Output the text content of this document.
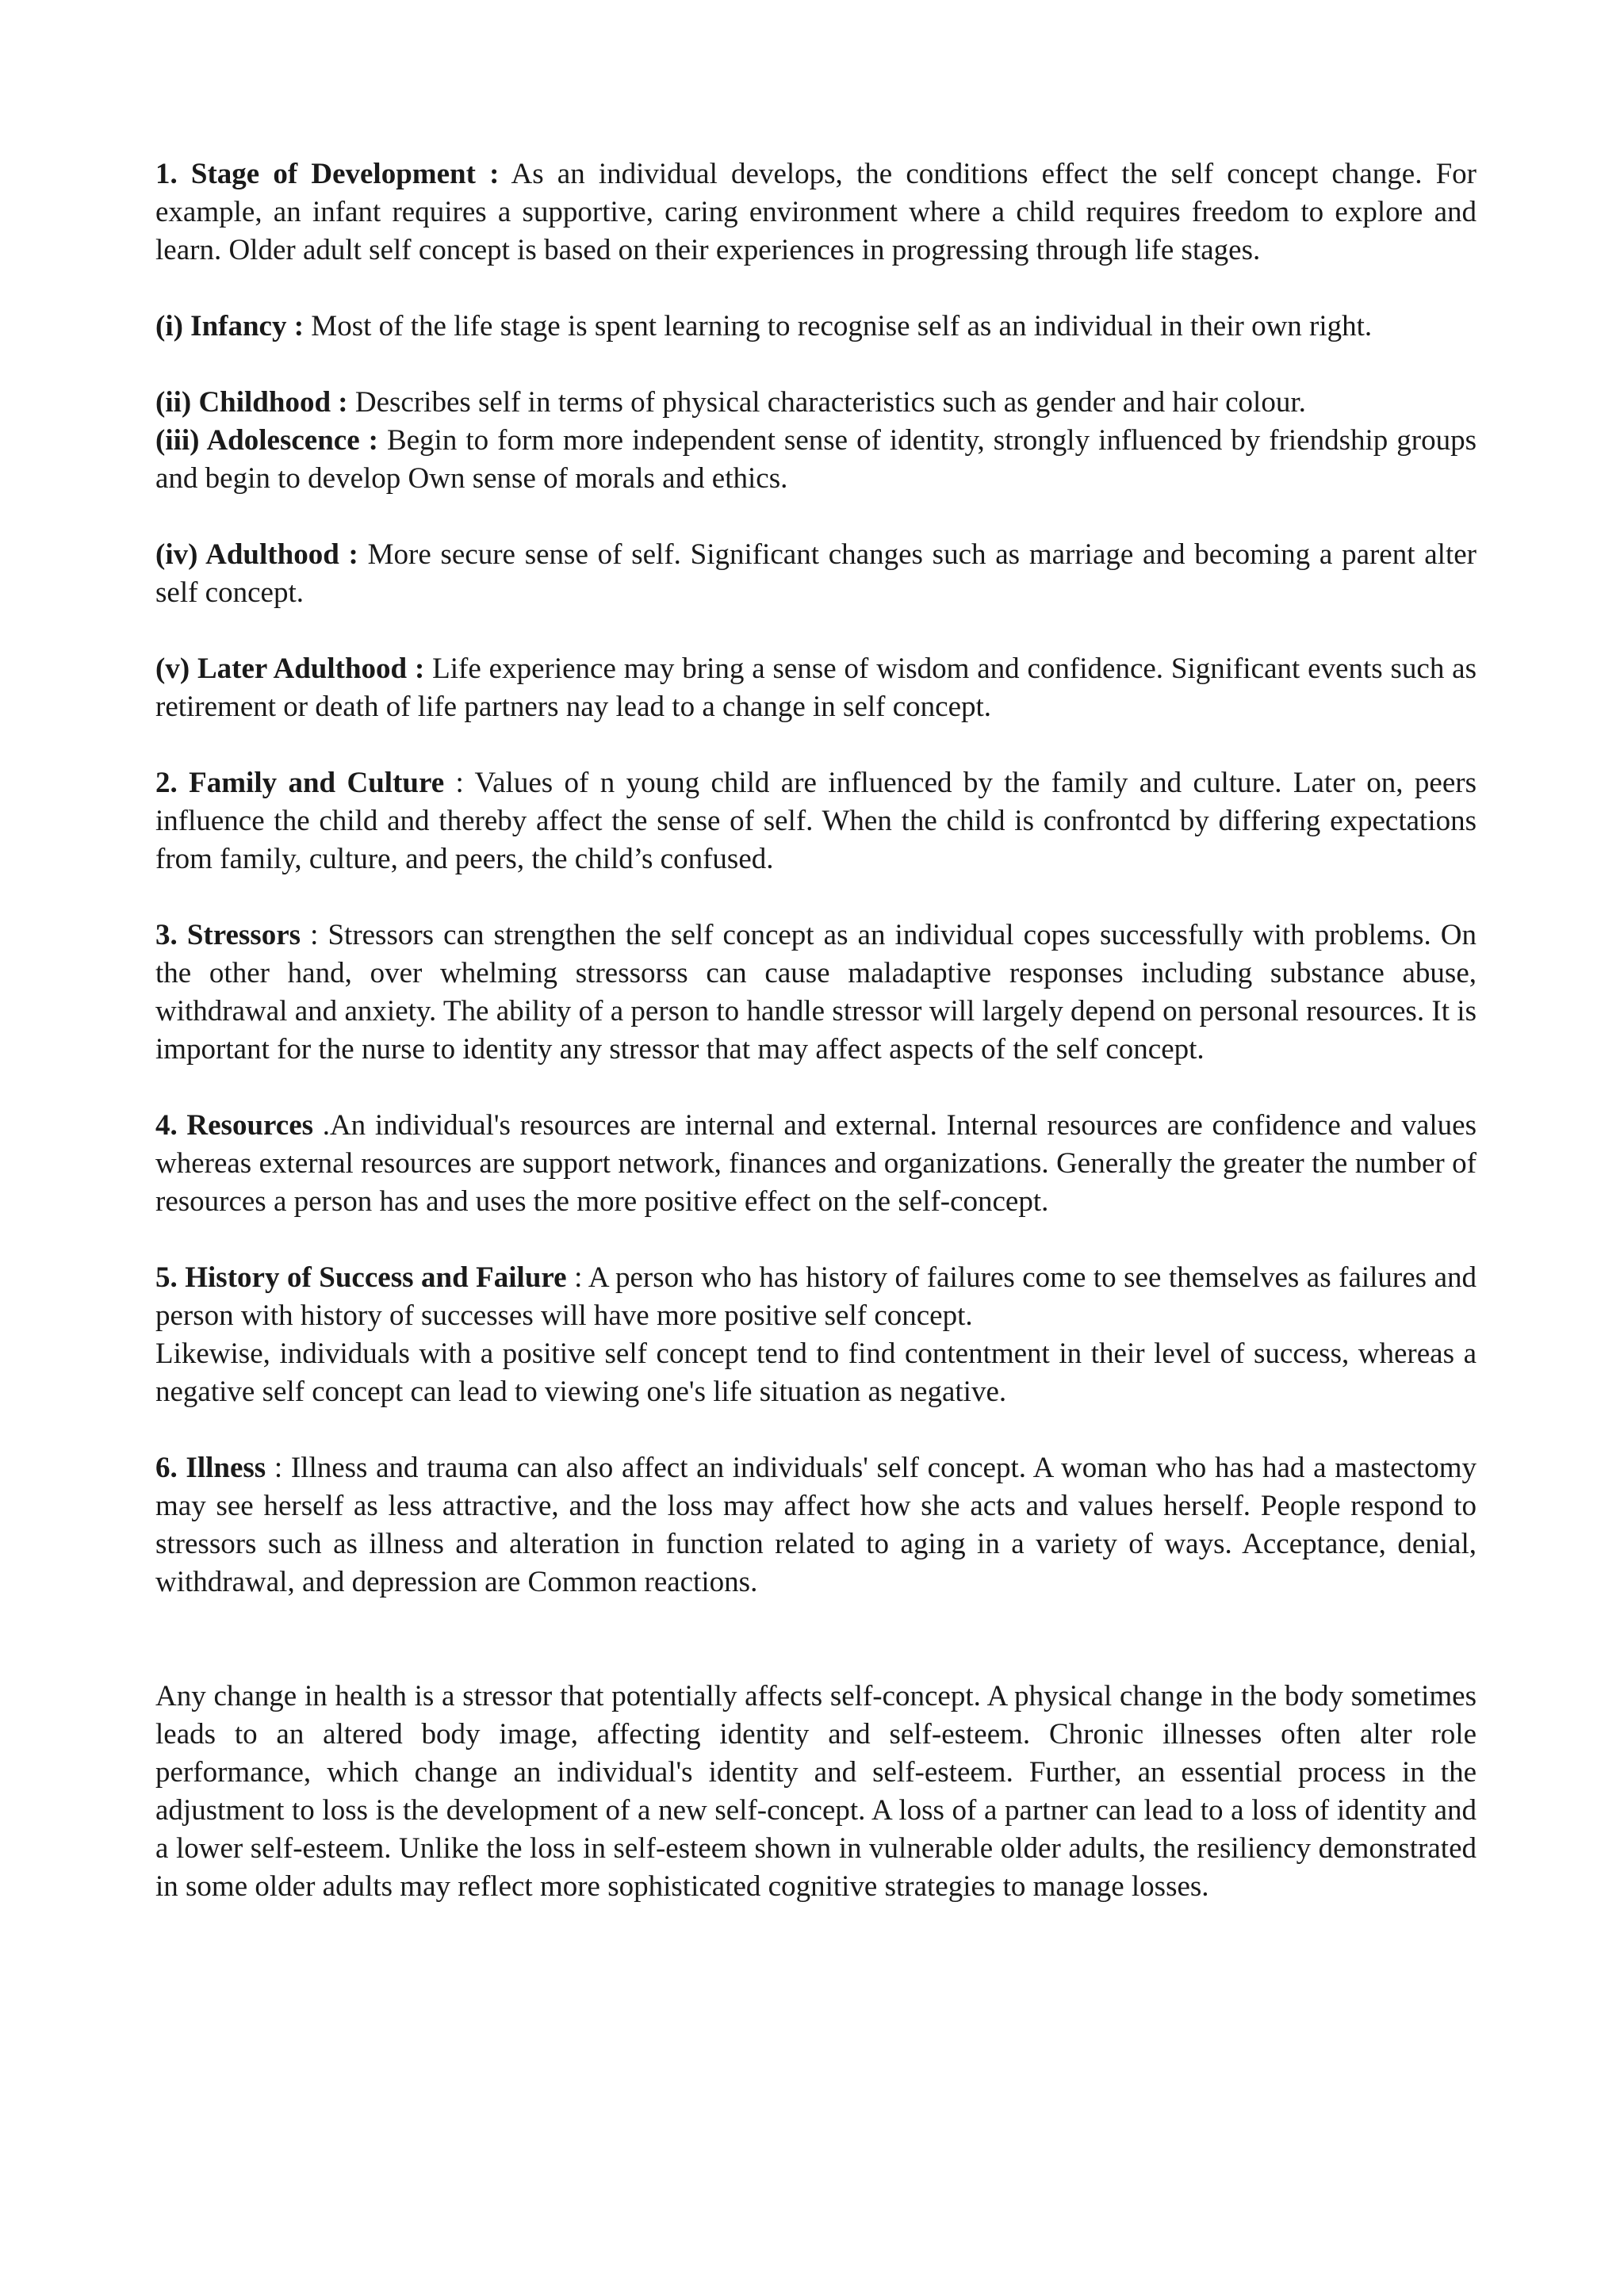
1. Stage of Development : As an individual develops, the conditions effect the self concept change. For example, an infant requires a supportive, caring environment where a child requires freedom to explore and learn. Older adult self concept is based on their experiences in progressing through life stages.

(i) Infancy : Most of the life stage is spent learning to recognise self as an individual in their own right.

(ii) Childhood : Describes self in terms of physical characteristics such as gender and hair colour.

(iii) Adolescence : Begin to form more independent sense of identity, strongly influenced by friendship groups and begin to develop Own sense of morals and ethics.

(iv) Adulthood : More secure sense of self. Significant changes such as marriage and becoming a parent alter self concept.

(v) Later Adulthood : Life experience may bring a sense of wisdom and confidence. Significant events such as retirement or death of life partners nay lead to a change in self concept.

2. Family and Culture : Values of n young child are influenced by the family and culture. Later on, peers influence the child and thereby affect the sense of self. When the child is confrontcd by differing expectations from family, culture, and peers, the child’s confused.

3. Stressors : Stressors can strengthen the self concept as an individual copes successfully with problems. On the other hand, over whelming stressorss can cause maladaptive responses including substance abuse, withdrawal and anxiety. The ability of a person to handle stressor will largely depend on personal resources. It is important for the nurse to identity any stressor that may affect aspects of the self concept.

4. Resources .An individual's resources are internal and external. Internal resources are confidence and values whereas external resources are support network, finances and organizations. Generally the greater the number of resources a person has and uses the more positive effect on the self-concept.

5. History of Success and Failure : A person who has history of failures come to see themselves as failures and person with history of successes will have more positive self concept.

Likewise, individuals with a positive self concept tend to find contentment in their level of success, whereas a negative self concept can lead to viewing one's life situation as negative.

6. Illness : Illness and trauma can also affect an individuals' self concept. A woman who has had a mastectomy may see herself as less attractive, and the loss may affect how she acts and values herself. People respond to stressors such as illness and alteration in function related to aging in a variety of ways. Acceptance, denial, withdrawal, and depression are Common reactions.

Any change in health is a stressor that potentially affects self-concept. A physical change in the body sometimes leads to an altered body image, affecting identity and self-esteem. Chronic illnesses often alter role performance, which change an individual's identity and self-esteem. Further, an essential process in the adjustment to loss is the development of a new self-concept. A loss of a partner can lead to a loss of identity and a lower self-esteem. Unlike the loss in self-esteem shown in vulnerable older adults, the resiliency demonstrated in some older adults may reflect more sophisticated cognitive strategies to manage losses.
